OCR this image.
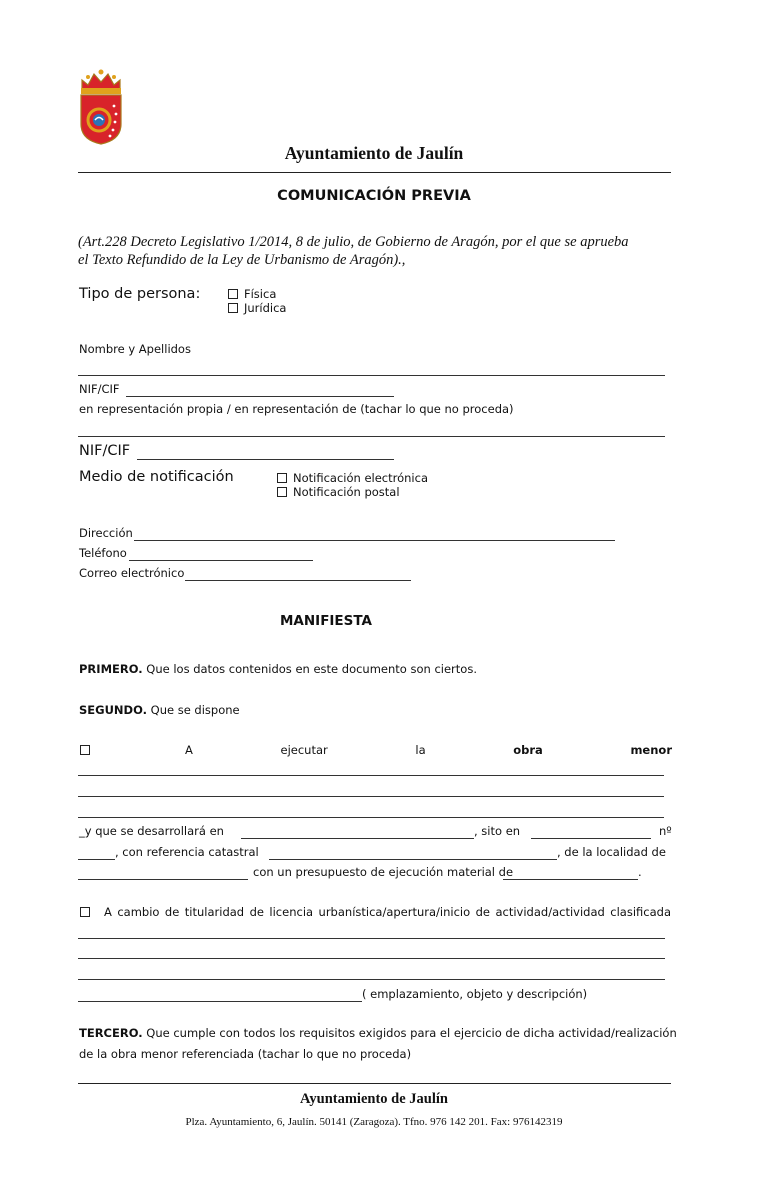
Ayuntamiento de Jaulín
COMUNICACIÓN PREVIA
(Art.228 Decreto Legislativo 1/2014, 8 de julio, de Gobierno de Aragón, por el que se aprueba
el Texto Refundido de la Ley de Urbanismo de Aragón).,
Tipo de persona:	Física
Jurídica
Nombre y Apellidos
NIF/CIF
en representación propia / en representación de (tachar lo que no proceda)
NIF/CIF
Medio de notificación	Notificación electrónica
Notificación postal
Dirección
Teléfono
Correo electrónico
MANIFIESTA
PRIMERO. Que los datos contenidos en este documento son ciertos.
SEGUNDO. Que se dispone
A	ejecutar	la	obra	menor
_y que se desarrollará en	, sito en	nº
, con referencia catastral	, de la localidad de
con un presupuesto de ejecución material de	.
A cambio de titularidad de licencia urbanística/apertura/inicio de actividad/actividad clasificada
( emplazamiento, objeto y descripción)
TERCERO. Que cumple con todos los requisitos exigidos para el ejercicio de dicha actividad/realización
de la obra menor referenciada (tachar lo que no proceda)
Ayuntamiento de Jaulín
Plza. Ayuntamiento, 6, Jaulín. 50141 (Zaragoza). Tfno. 976 142 201. Fax: 976142319
